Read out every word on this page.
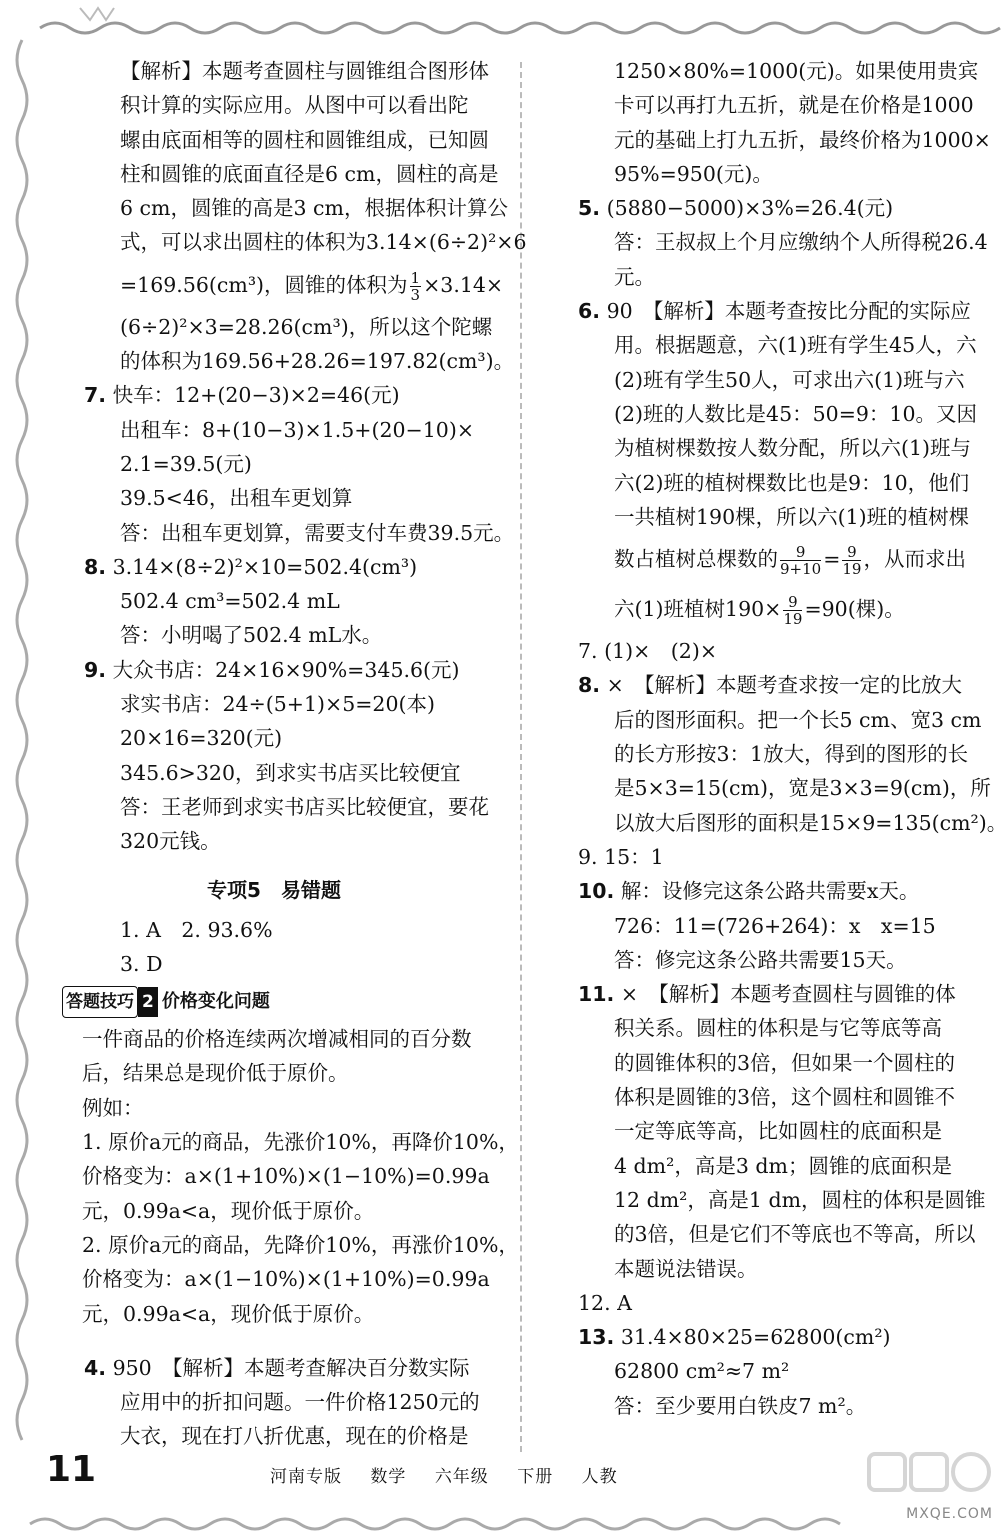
【解析】本题考查圆柱与圆锥组合图形体
积计算的实际应用。从图中可以看出陀
螺由底面相等的圆柱和圆锥组成，已知圆
柱和圆锥的底面直径是6 cm，圆柱的高是
6 cm，圆锥的高是3 cm，根据体积计算公
式，可以求出圆柱的体积为3.14×(6÷2)²×6
=169.56(cm³)，圆锥的体积为 $\frac{1}{3} \times 3.14\times$
(6÷2)²×3=28.26(cm³)，所以这个陀螺
的体积为169.56+28.26=197.82(cm³)。
7. 快车：12+(20−3)×2=46(元)
出租车：8+(10−3)×1.5+(20−10)×
2.1=39.5(元)
39.5<46，出租车更划算
答：出租车更划算，需要支付车费39.5元。
8. 3.14×(8÷2)²×10=502.4(cm³)
502.4 cm³=502.4 mL
答：小明喝了502.4 mL水。
9. 大众书店：24×16×90%=345.6(元)
求实书店：24÷(5+1)×5=20(本)
20×16=320(元)
345.6>320，到求实书店买比较便宜
答：王老师到求实书店买比较便宜，要花
320元钱。
专项5　易错题
1. A　2. 93.6%
3. D
答题技巧 2 价格变化问题
一件商品的价格连续两次增减相同的百分数
后，结果总是现价低于原价。
例如：
1. 原价a元的商品，先涨价10%，再降价10%，
价格变为：a×(1+10%)×(1−10%)=0.99a
元，0.99a<a，现价低于原价。
2. 原价a元的商品，先降价10%，再涨价10%，
价格变为：a×(1−10%)×(1+10%)=0.99a
元，0.99a<a，现价低于原价。
4. 950　【解析】本题考查解决百分数实际
应用中的折扣问题。一件价格1250元的
大衣，现在打八折优惠，现在的价格是
1250×80%=1000(元)。如果使用贵宾
卡可以再打九五折，就是在价格是1000
元的基础上打九五折，最终价格为1000×
95%=950(元)。
5. (5880−5000)×3%=26.4(元)
答：王叔叔上个月应缴纳个人所得税26.4
元。
6. 90　【解析】本题考查按比分配的实际应
用。根据题意，六(1)班有学生45人，六
(2)班有学生50人，可求出六(1)班与六
(2)班的人数比是45：50=9：10。又因
为植树棵数按人数分配，所以六(1)班与
六(2)班的植树棵数比也是9：10，他们
一共植树190棵，所以六(1)班的植树棵
数占植树总棵数的 $\frac{9}{9+10} = \frac{9}{19}$ ，从而求出
六(1)班植树$190\times \frac{9}{19} =90$(棵)。
7. (1)×　(2)×
8. ×　【解析】本题考查求按一定的比放大
后的图形面积。把一个长5 cm、宽3 cm
的长方形按3：1放大，得到的图形的长
是5×3=15(cm)，宽是3×3=9(cm)，所
以放大后图形的面积是15×9=135(cm²)。
9. 15：1
10. 解：设修完这条公路共需要x天。
726：11=(726+264)：x　x=15
答：修完这条公路共需要15天。
11. ×　【解析】本题考查圆柱与圆锥的体
积关系。圆柱的体积是与它等底等高
的圆锥体积的3倍，但如果一个圆柱的
体积是圆锥的3倍，这个圆柱和圆锥不
一定等底等高，比如圆柱的底面积是
4 dm²，高是3 dm；圆锥的底面积是
12 dm²，高是1 dm，圆柱的体积是圆锥
的3倍，但是它们不等底也不等高，所以
本题说法错误。
12. A
13. 31.4×80×25=62800(cm²)
62800 cm²≈7 m²
答：至少要用白铁皮7 m²。
11	河南专版 数学 六年级 下册 人教
MXQE.COM
